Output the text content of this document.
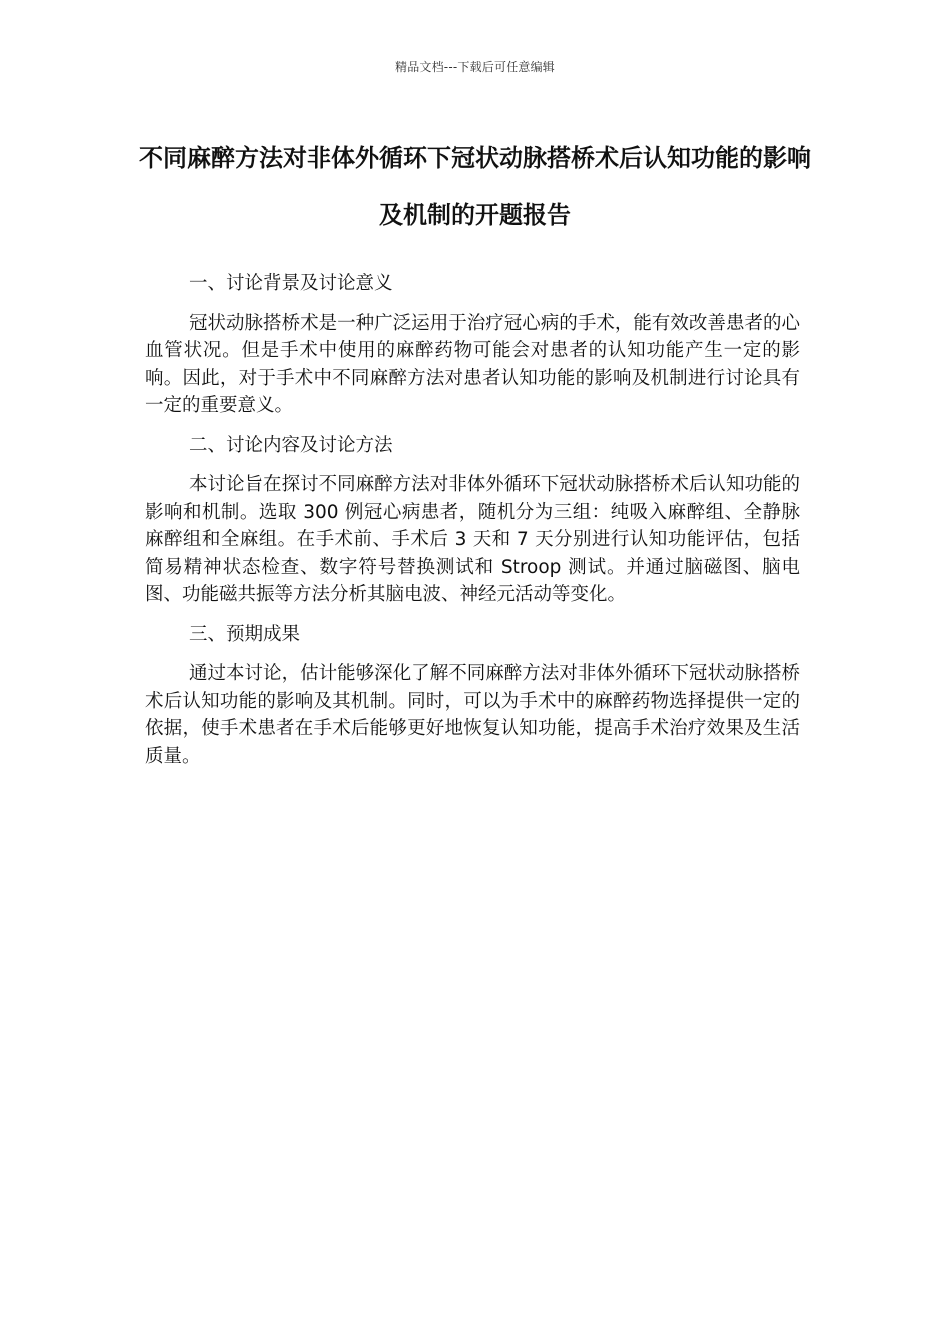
精品文档---下载后可任意编辑
不同麻醉方法对非体外循环下冠状动脉搭桥术后认知功能的影响及机制的开题报告
一、讨论背景及讨论意义
冠状动脉搭桥术是一种广泛运用于治疗冠心病的手术，能有效改善患者的心血管状况。但是手术中使用的麻醉药物可能会对患者的认知功能产生一定的影响。因此，对于手术中不同麻醉方法对患者认知功能的影响及机制进行讨论具有一定的重要意义。
二、讨论内容及讨论方法
本讨论旨在探讨不同麻醉方法对非体外循环下冠状动脉搭桥术后认知功能的影响和机制。选取 300 例冠心病患者，随机分为三组：纯吸入麻醉组、全静脉麻醉组和全麻组。在手术前、手术后 3 天和 7 天分别进行认知功能评估，包括简易精神状态检查、数字符号替换测试和 Stroop 测试。并通过脑磁图、脑电图、功能磁共振等方法分析其脑电波、神经元活动等变化。
三、预期成果
通过本讨论，估计能够深化了解不同麻醉方法对非体外循环下冠状动脉搭桥术后认知功能的影响及其机制。同时，可以为手术中的麻醉药物选择提供一定的依据，使手术患者在手术后能够更好地恢复认知功能，提高手术治疗效果及生活质量。
